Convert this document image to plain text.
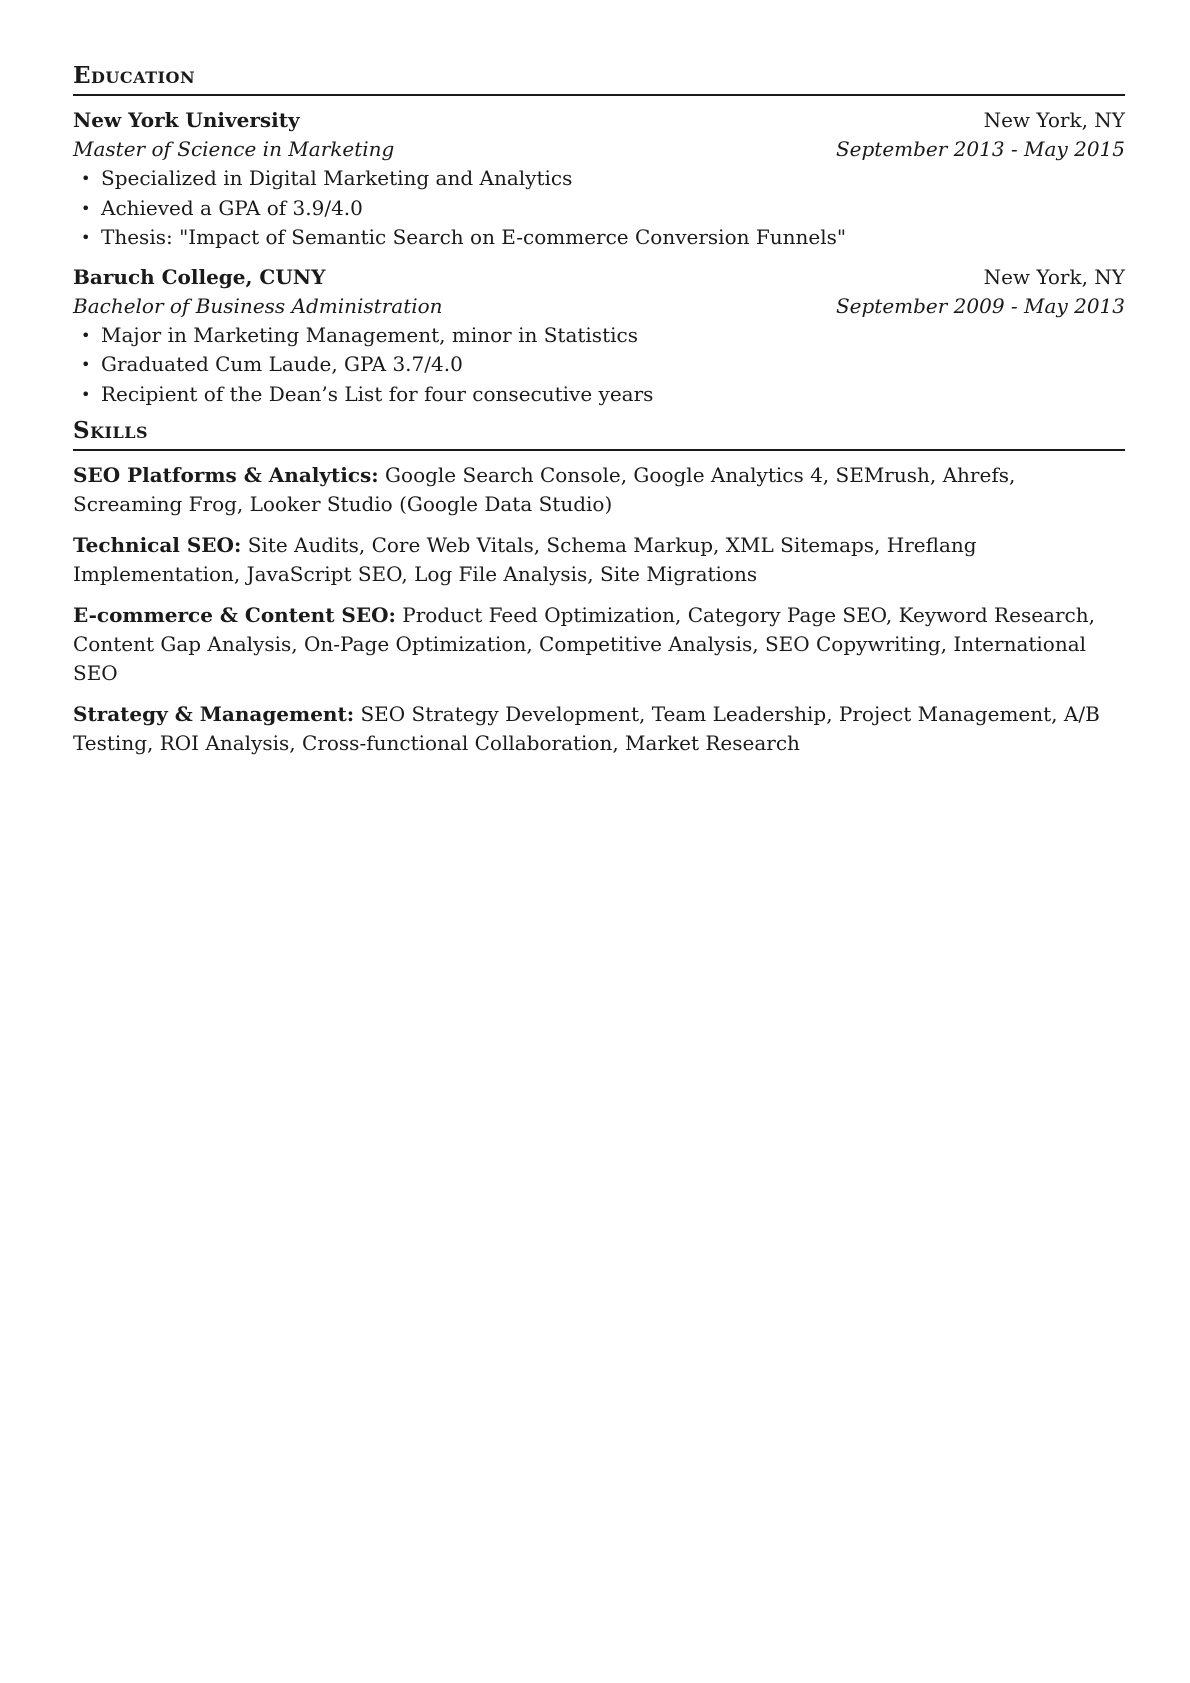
Education
New York University	New York, NY
Master of Science in Marketing	September 2013 - May 2015
• Specialized in Digital Marketing and Analytics
• Achieved a GPA of 3.9/4.0
• Thesis: "Impact of Semantic Search on E-commerce Conversion Funnels"
Baruch College, CUNY	New York, NY
Bachelor of Business Administration	September 2009 - May 2013
• Major in Marketing Management, minor in Statistics
• Graduated Cum Laude, GPA 3.7/4.0
• Recipient of the Dean’s List for four consecutive years
Skills

SEO Platforms & Analytics: Google Search Console, Google Analytics 4, SEMrush, Ahrefs, Screaming Frog, Looker Studio (Google Data Studio)

Technical SEO: Site Audits, Core Web Vitals, Schema Markup, XML Sitemaps, Hreflang Implementation, JavaScript SEO, Log File Analysis, Site Migrations

E-commerce & Content SEO: Product Feed Optimization, Category Page SEO, Keyword Research, Content Gap Analysis, On-Page Optimization, Competitive Analysis, SEO Copywriting, International SEO

Strategy & Management: SEO Strategy Development, Team Leadership, Project Management, A/B Testing, ROI Analysis, Cross-functional Collaboration, Market Research
